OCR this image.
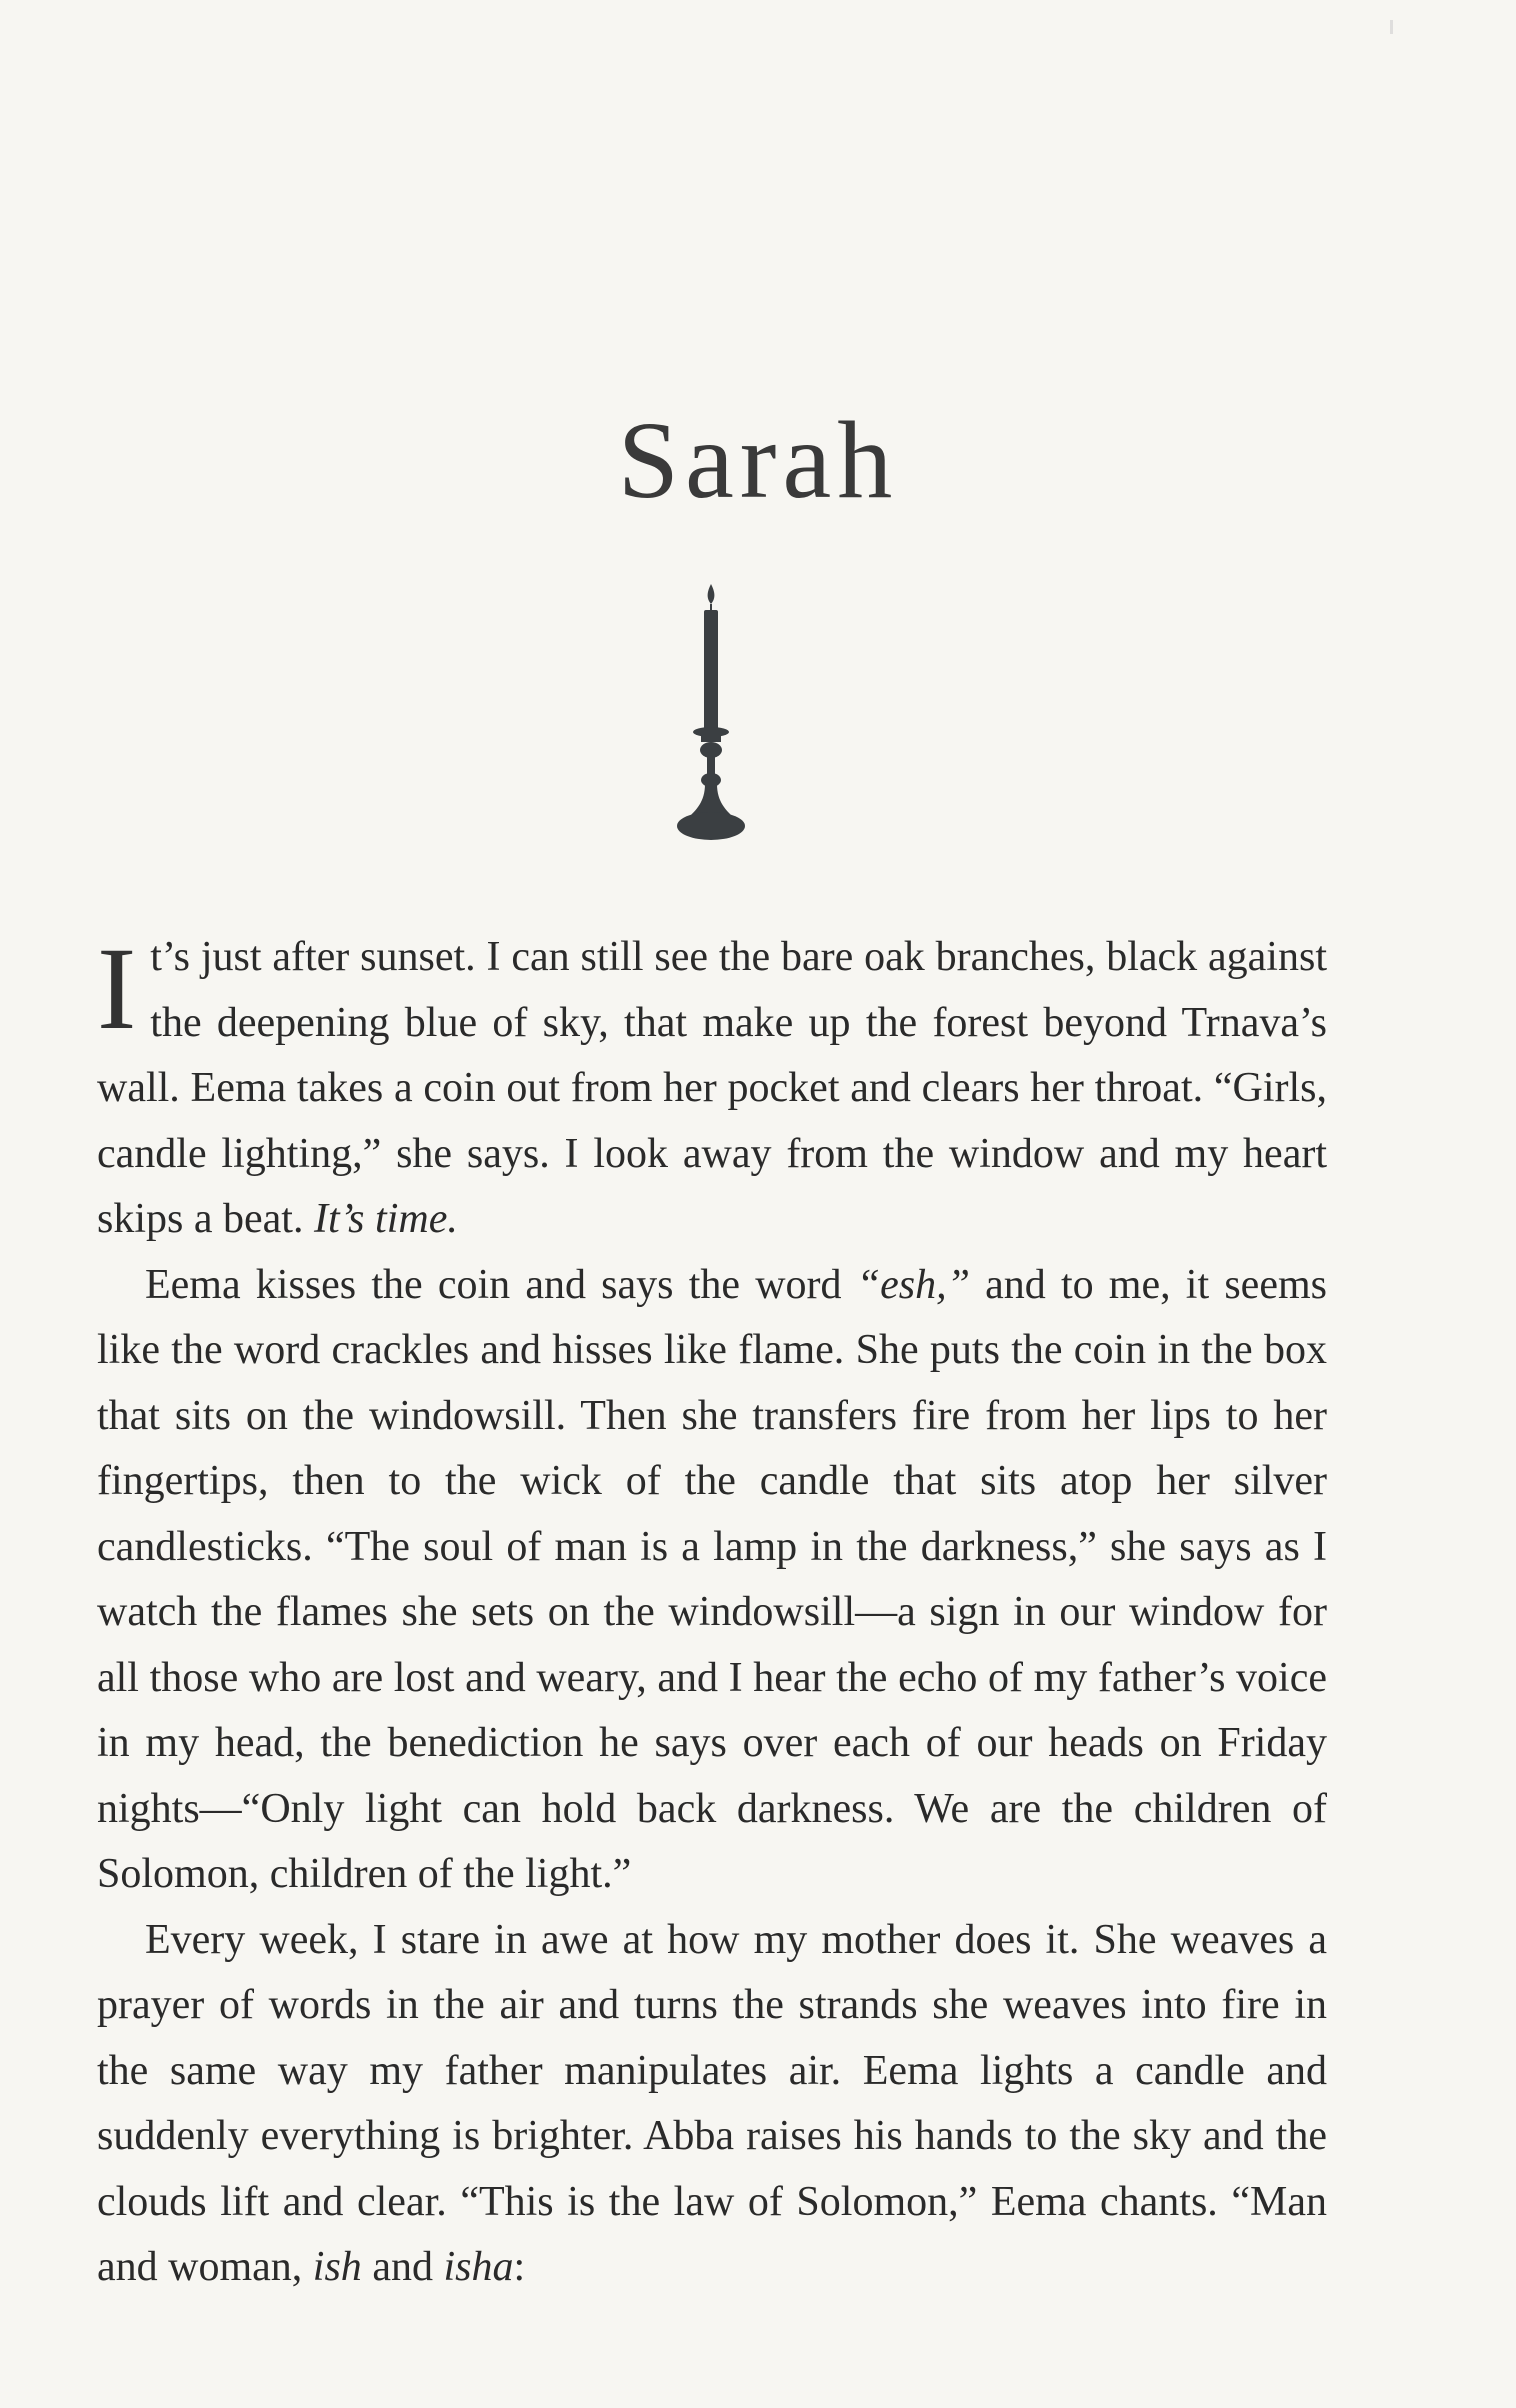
Sarah

It’s just after sunset. I can still see the bare oak branches, black against the deepening blue of sky, that make up the forest beyond Trnava’s wall. Eema takes a coin out from her pocket and clears her throat. “Girls, candle lighting,” she says. I look away from the window and my heart skips a beat. It’s time.

Eema kisses the coin and says the word “esh,” and to me, it seems like the word crackles and hisses like flame. She puts the coin in the box that sits on the windowsill. Then she transfers fire from her lips to her fingertips, then to the wick of the candle that sits atop her silver candlesticks. “The soul of man is a lamp in the darkness,” she says as I watch the flames she sets on the windowsill—a sign in our window for all those who are lost and weary, and I hear the echo of my father’s voice in my head, the benediction he says over each of our heads on Friday nights—“Only light can hold back darkness. We are the children of Solomon, children of the light.”

Every week, I stare in awe at how my mother does it. She weaves a prayer of words in the air and turns the strands she weaves into fire in the same way my father manipulates air. Eema lights a candle and suddenly everything is brighter. Abba raises his hands to the sky and the clouds lift and clear. “This is the law of Solomon,” Eema chants. “Man and woman, ish and isha:
